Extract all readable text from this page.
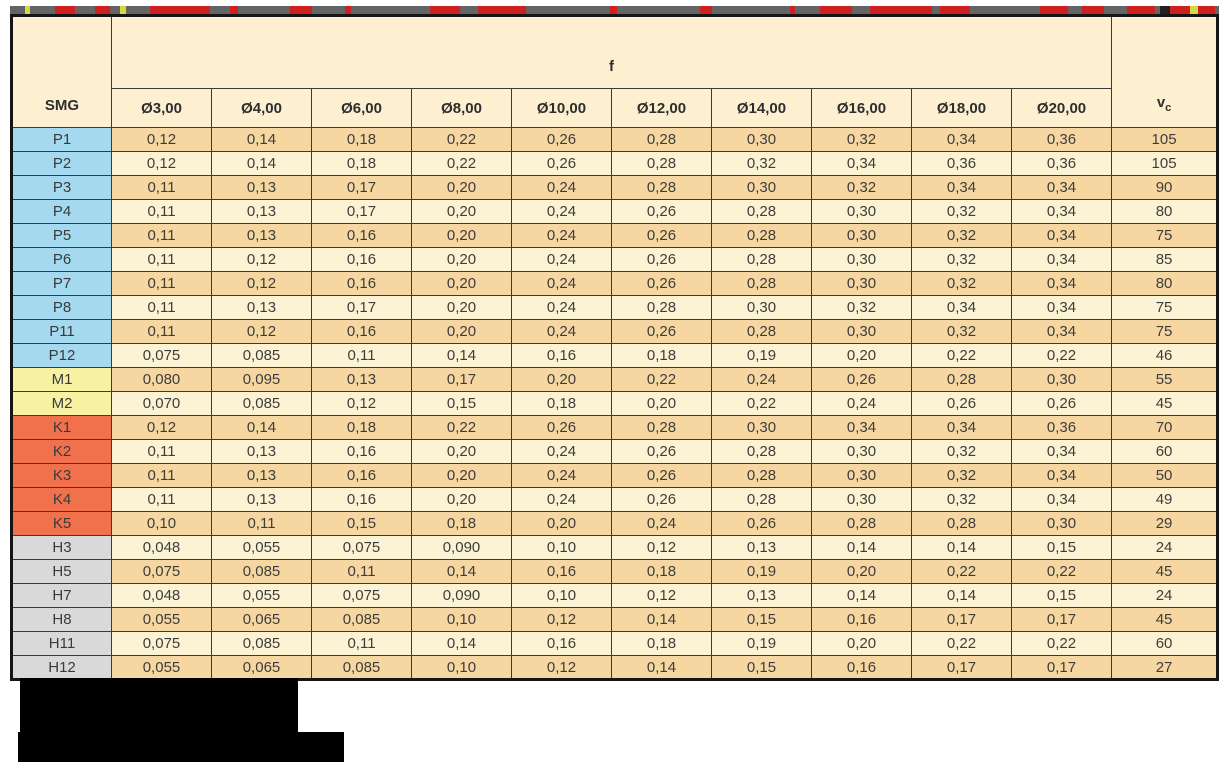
SMG	f										$v_c$
	Ø3,00	Ø4,00	Ø6,00	Ø8,00	Ø10,00	Ø12,00	Ø14,00	Ø16,00	Ø18,00	Ø20,00	
P1	0,12	0,14	0,18	0,22	0,26	0,28	0,30	0,32	0,34	0,36	105
P2	0,12	0,14	0,18	0,22	0,26	0,28	0,32	0,34	0,36	0,36	105
P3	0,11	0,13	0,17	0,20	0,24	0,28	0,30	0,32	0,34	0,34	90
P4	0,11	0,13	0,17	0,20	0,24	0,26	0,28	0,30	0,32	0,34	80
P5	0,11	0,13	0,16	0,20	0,24	0,26	0,28	0,30	0,32	0,34	75
P6	0,11	0,12	0,16	0,20	0,24	0,26	0,28	0,30	0,32	0,34	85
P7	0,11	0,12	0,16	0,20	0,24	0,26	0,28	0,30	0,32	0,34	80
P8	0,11	0,13	0,17	0,20	0,24	0,28	0,30	0,32	0,34	0,34	75
P11	0,11	0,12	0,16	0,20	0,24	0,26	0,28	0,30	0,32	0,34	75
P12	0,075	0,085	0,11	0,14	0,16	0,18	0,19	0,20	0,22	0,22	46
M1	0,080	0,095	0,13	0,17	0,20	0,22	0,24	0,26	0,28	0,30	55
M2	0,070	0,085	0,12	0,15	0,18	0,20	0,22	0,24	0,26	0,26	45
K1	0,12	0,14	0,18	0,22	0,26	0,28	0,30	0,34	0,34	0,36	70
K2	0,11	0,13	0,16	0,20	0,24	0,26	0,28	0,30	0,32	0,34	60
K3	0,11	0,13	0,16	0,20	0,24	0,26	0,28	0,30	0,32	0,34	50
K4	0,11	0,13	0,16	0,20	0,24	0,26	0,28	0,30	0,32	0,34	49
K5	0,10	0,11	0,15	0,18	0,20	0,24	0,26	0,28	0,28	0,30	29
H3	0,048	0,055	0,075	0,090	0,10	0,12	0,13	0,14	0,14	0,15	24
H5	0,075	0,085	0,11	0,14	0,16	0,18	0,19	0,20	0,22	0,22	45
H7	0,048	0,055	0,075	0,090	0,10	0,12	0,13	0,14	0,14	0,15	24
H8	0,055	0,065	0,085	0,10	0,12	0,14	0,15	0,16	0,17	0,17	45
H11	0,075	0,085	0,11	0,14	0,16	0,18	0,19	0,20	0,22	0,22	60
H12	0,055	0,065	0,085	0,10	0,12	0,14	0,15	0,16	0,17	0,17	27
